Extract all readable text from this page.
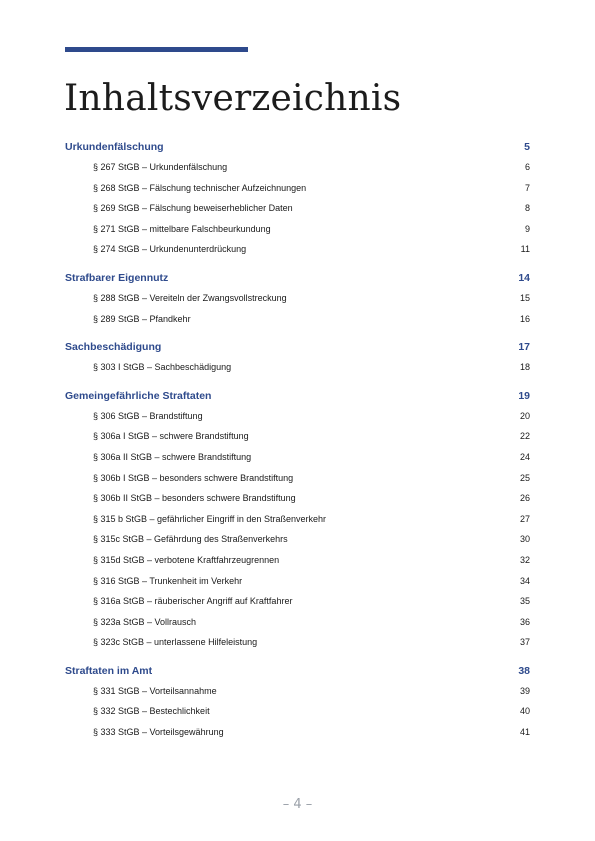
Inhaltsverzeichnis
Urkundenfälschung	5
§ 267 StGB – Urkundenfälschung	6
§ 268 StGB – Fälschung technischer Aufzeichnungen	7
§ 269 StGB – Fälschung beweiserheblicher Daten	8
§ 271 StGB – mittelbare Falschbeurkundung	9
§ 274 StGB – Urkundenunterdrückung	11
Strafbarer Eigennutz	14
§ 288 StGB – Vereiteln der Zwangsvollstreckung	15
§ 289 StGB – Pfandkehr	16
Sachbeschädigung	17
§ 303 I StGB – Sachbeschädigung	18
Gemeingefährliche Straftaten	19
§ 306 StGB – Brandstiftung	20
§ 306a I StGB – schwere Brandstiftung	22
§ 306a II StGB – schwere Brandstiftung	24
§ 306b I StGB – besonders schwere Brandstiftung	25
§ 306b II StGB – besonders schwere Brandstiftung	26
§ 315 b StGB – gefährlicher Eingriff in den Straßenverkehr	27
§ 315c StGB – Gefährdung des Straßenverkehrs	30
§ 315d StGB – verbotene Kraftfahrzeugrennen	32
§ 316 StGB – Trunkenheit im Verkehr	34
§ 316a StGB – räuberischer Angriff auf Kraftfahrer	35
§ 323a StGB – Vollrausch	36
§ 323c StGB – unterlassene Hilfeleistung	37
Straftaten im Amt	38
§ 331 StGB – Vorteilsannahme	39
§ 332 StGB – Bestechlichkeit	40
§ 333 StGB – Vorteilsgewährung	41
– 4 –
